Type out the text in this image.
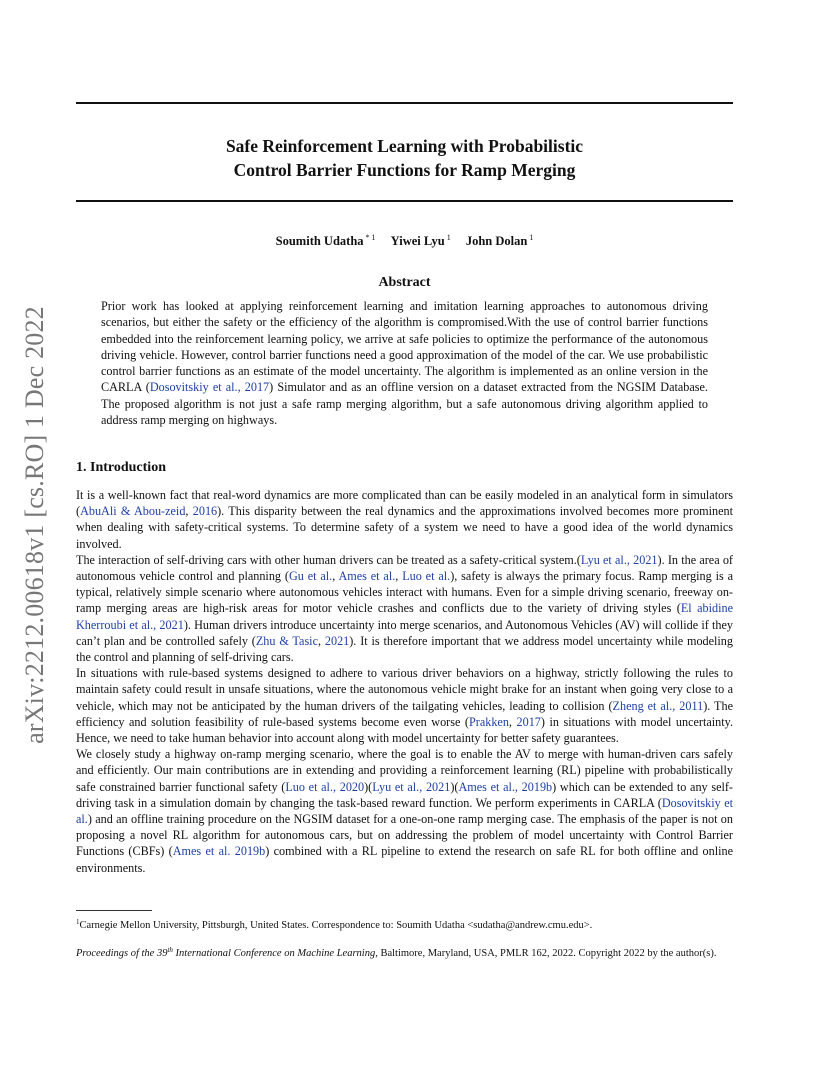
arXiv:2212.00618v1 [cs.RO] 1 Dec 2022
Safe Reinforcement Learning with Probabilistic
Control Barrier Functions for Ramp Merging
Soumith Udatha $^{* 1}$ Yiwei Lyu $^1$ John Dolan $^1$
Abstract
Prior work has looked at applying reinforcement learning and imitation learning approaches to autonomous driving scenarios, but either the safety or the efficiency of the algorithm is compromised.With the use of control barrier functions embedded into the reinforcement learning policy, we arrive at safe policies to optimize the performance of the autonomous driving vehicle. However, control barrier functions need a good approximation of the model of the car. We use probabilistic control barrier functions as an estimate of the model uncertainty. The algorithm is implemented as an online version in the CARLA (Dosovitskiy et al., 2017) Simulator and as an offline version on a dataset extracted from the NGSIM Database. The proposed algorithm is not just a safe ramp merging algorithm, but a safe autonomous driving algorithm applied to address ramp merging on highways.
1. Introduction

It is a well-known fact that real-word dynamics are more complicated than can be easily modeled in an analytical form in simulators (AbuAli & Abou-zeid, 2016). This disparity between the real dynamics and the approximations involved becomes more prominent when dealing with safety-critical systems. To determine safety of a system we need to have a good idea of the world dynamics involved.

The interaction of self-driving cars with other human drivers can be treated as a safety-critical system.(Lyu et al., 2021). In the area of autonomous vehicle control and planning (Gu et al., Ames et al., Luo et al.), safety is always the primary focus. Ramp merging is a typical, relatively simple scenario where autonomous vehicles interact with humans. Even for a simple driving scenario, freeway on-ramp merging areas are high-risk areas for motor vehicle crashes and conflicts due to the variety of driving styles (El abidine Kherroubi et al., 2021). Human drivers introduce uncertainty into merge scenarios, and Autonomous Vehicles (AV) will collide if they can’t plan and be controlled safely (Zhu & Tasic, 2021). It is therefore important that we address model uncertainty while modeling the control and planning of self-driving cars.

In situations with rule-based systems designed to adhere to various driver behaviors on a highway, strictly following the rules to maintain safety could result in unsafe situations, where the autonomous vehicle might brake for an instant when going very close to a vehicle, which may not be anticipated by the human drivers of the tailgating vehicles, leading to collision (Zheng et al., 2011). The efficiency and solution feasibility of rule-based systems become even worse (Prakken, 2017) in situations with model uncertainty. Hence, we need to take human behavior into account along with model uncertainty for better safety guarantees.

We closely study a highway on-ramp merging scenario, where the goal is to enable the AV to merge with human-driven cars safely and efficiently. Our main contributions are in extending and providing a reinforcement learning (RL) pipeline with probabilistically safe constrained barrier functional safety (Luo et al., 2020)(Lyu et al., 2021)(Ames et al., 2019b) which can be extended to any self-driving task in a simulation domain by changing the task-based reward function. We perform experiments in CARLA (Dosovitskiy et al.) and an offline training procedure on the NGSIM dataset for a one-on-one ramp merging case. The emphasis of the paper is not on proposing a novel RL algorithm for autonomous cars, but on addressing the problem of model uncertainty with Control Barrier Functions (CBFs) (Ames et al. 2019b) combined with a RL pipeline to extend the research on safe RL for both offline and online environments.

$^1$Carnegie Mellon University, Pittsburgh, United States. Correspondence to: Soumith Udatha <sudatha@andrew.cmu.edu>.
Proceedings of the 39th International Conference on Machine Learning, Baltimore, Maryland, USA, PMLR 162, 2022. Copyright 2022 by the author(s).
